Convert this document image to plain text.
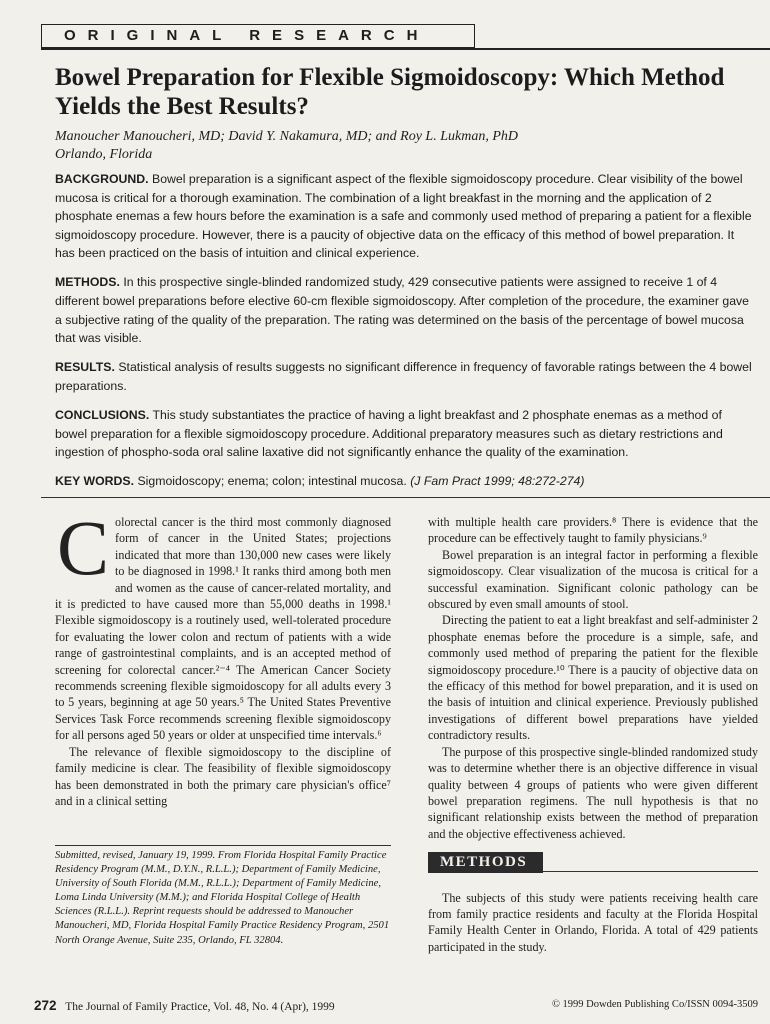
ORIGINAL RESEARCH
Bowel Preparation for Flexible Sigmoidoscopy: Which Method Yields the Best Results?
Manoucher Manoucheri, MD; David Y. Nakamura, MD; and Roy L. Lukman, PhD
Orlando, Florida

BACKGROUND. Bowel preparation is a significant aspect of the flexible sigmoidoscopy procedure. Clear visibility of the bowel mucosa is critical for a thorough examination. The combination of a light breakfast in the morning and the application of 2 phosphate enemas a few hours before the examination is a safe and commonly used method of preparing a patient for a flexible sigmoidoscopy procedure. However, there is a paucity of objective data on the efficacy of this method of bowel preparation. It has been practiced on the basis of intuition and clinical experience.

METHODS. In this prospective single-blinded randomized study, 429 consecutive patients were assigned to receive 1 of 4 different bowel preparations before elective 60-cm flexible sigmoidoscopy. After completion of the procedure, the examiner gave a subjective rating of the quality of the preparation. The rating was determined on the basis of the percentage of bowel mucosa that was visible.

RESULTS. Statistical analysis of results suggests no significant difference in frequency of favorable ratings between the 4 bowel preparations.

CONCLUSIONS. This study substantiates the practice of having a light breakfast and 2 phosphate enemas as a method of bowel preparation for a flexible sigmoidoscopy procedure. Additional preparatory measures such as dietary restrictions and ingestion of phospho-soda oral saline laxative did not significantly enhance the quality of the examination.

KEY WORDS. Sigmoidoscopy; enema; colon; intestinal mucosa. (J Fam Pract 1999; 48:272-274)

Colorectal cancer is the third most commonly diagnosed form of cancer in the United States; projections indicated that more than 130,000 new cases were likely to be diagnosed in 1998.¹ It ranks third among both men and women as the cause of cancer-related mortality, and it is predicted to have caused more than 55,000 deaths in 1998.¹ Flexible sigmoidoscopy is a routinely used, well-tolerated procedure for evaluating the lower colon and rectum of patients with a wide range of gastrointestinal complaints, and is an accepted method of screening for colorectal cancer.²⁻⁴ The American Cancer Society recommends screening flexible sigmoidoscopy for all adults every 3 to 5 years, beginning at age 50 years.⁵ The United States Preventive Services Task Force recommends screening flexible sigmoidoscopy for all persons aged 50 years or older at unspecified time intervals.⁶

The relevance of flexible sigmoidoscopy to the discipline of family medicine is clear. The feasibility of flexible sigmoidoscopy has been demonstrated in both the primary care physician's office⁷ and in a clinical setting

Submitted, revised, January 19, 1999. From Florida Hospital Family Practice Residency Program (M.M., D.Y.N., R.L.L.); Department of Family Medicine, University of South Florida (M.M., R.L.L.); Department of Family Medicine, Loma Linda University (M.M.); and Florida Hospital College of Health Sciences (R.L.L.). Reprint requests should be addressed to Manoucher Manoucheri, MD, Florida Hospital Family Practice Residency Program, 2501 North Orange Avenue, Suite 235, Orlando, FL 32804.

with multiple health care providers.⁸ There is evidence that the procedure can be effectively taught to family physicians.⁹

Bowel preparation is an integral factor in performing a flexible sigmoidoscopy. Clear visualization of the mucosa is critical for a successful examination. Significant colonic pathology can be obscured by even small amounts of stool.

Directing the patient to eat a light breakfast and self-administer 2 phosphate enemas before the procedure is a simple, safe, and commonly used method of preparing the patient for the flexible sigmoidoscopy procedure.¹⁰ There is a paucity of objective data on the efficacy of this method for bowel preparation, and it is used on the basis of intuition and clinical experience. Previously published investigations of different bowel preparations have yielded contradictory results.

The purpose of this prospective single-blinded randomized study was to determine whether there is an objective difference in visual quality between 4 groups of patients who were given different bowel preparation regimens. The null hypothesis is that no significant relationship exists between the method of preparation and the objective effectiveness achieved.

METHODS

The subjects of this study were patients receiving health care from family practice residents and faculty at the Florida Hospital Family Health Center in Orlando, Florida. A total of 429 patients participated in the study.

272 The Journal of Family Practice, Vol. 48, No. 4 (Apr), 1999	© 1999 Dowden Publishing Co/ISSN 0094-3509
